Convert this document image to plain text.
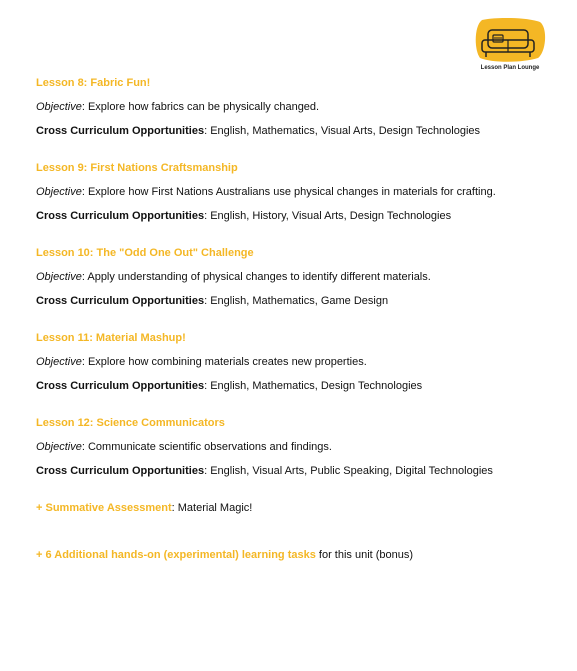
Lesson Plan Lounge
Lesson 8: Fabric Fun!
Objective: Explore how fabrics can be physically changed.
Cross Curriculum Opportunities: English, Mathematics, Visual Arts, Design Technologies
Lesson 9: First Nations Craftsmanship
Objective: Explore how First Nations Australians use physical changes in materials for crafting.
Cross Curriculum Opportunities: English, History, Visual Arts, Design Technologies
Lesson 10: The "Odd One Out" Challenge
Objective: Apply understanding of physical changes to identify different materials.
Cross Curriculum Opportunities: English, Mathematics, Game Design
Lesson 11: Material Mashup!
Objective: Explore how combining materials creates new properties.
Cross Curriculum Opportunities: English, Mathematics, Design Technologies
Lesson 12: Science Communicators
Objective: Communicate scientific observations and findings.
Cross Curriculum Opportunities: English, Visual Arts, Public Speaking, Digital Technologies

+ Summative Assessment: Material Magic!

+ 6 Additional hands-on (experimental) learning tasks for this unit (bonus)
